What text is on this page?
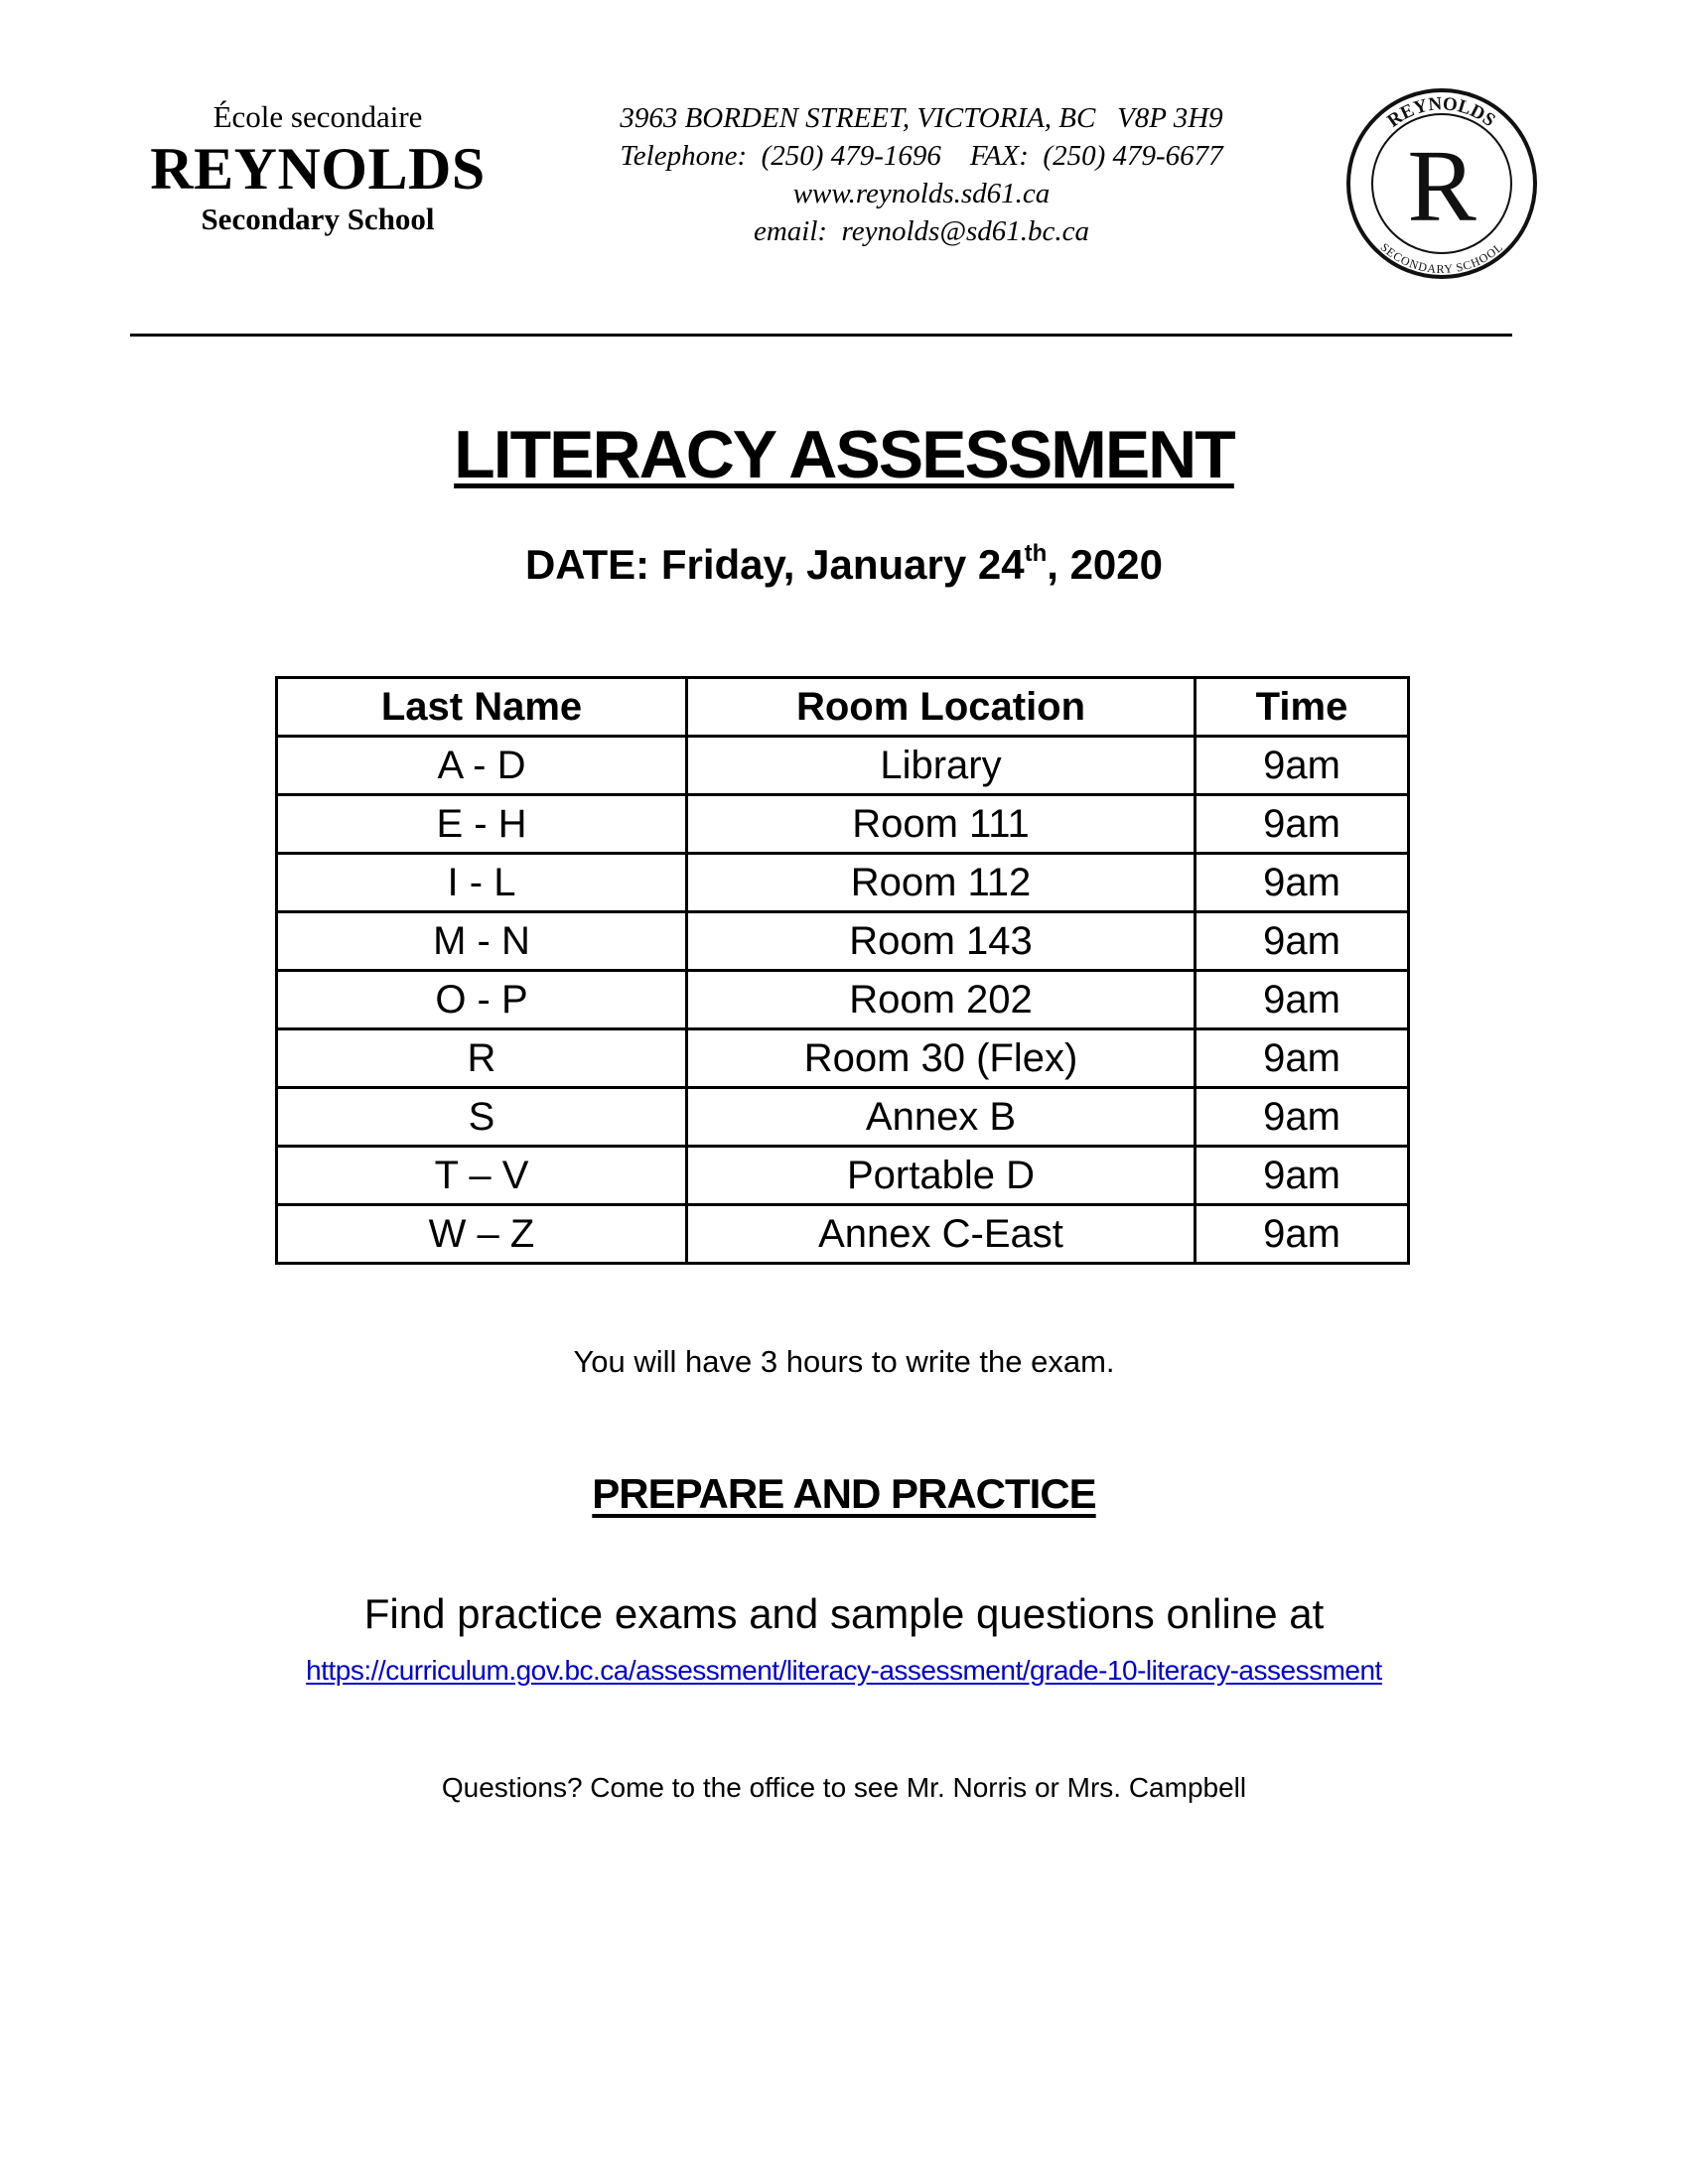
École secondaire
REYNOLDS
Secondary School
3963 BORDEN STREET, VICTORIA, BC   V8P 3H9
Telephone:  (250) 479-1696    FAX:  (250) 479-6677
www.reynolds.sd61.ca
email:  reynolds@sd61.bc.ca
REYNOLDS
SECONDARY SCHOOL
R
LITERACY ASSESSMENT
DATE: Friday, January 24th, 2020
Last Name	Room Location	Time
A - D	Library	9am
E - H	Room 111	9am
I - L	Room 112	9am
M - N	Room 143	9am
O - P	Room 202	9am
R	Room 30 (Flex)	9am
S	Annex B	9am
T – V	Portable D	9am
W – Z	Annex C-East	9am
You will have 3 hours to write the exam.
PREPARE AND PRACTICE
Find practice exams and sample questions online at
https://curriculum.gov.bc.ca/assessment/literacy-assessment/grade-10-literacy-assessment
Questions? Come to the office to see Mr. Norris or Mrs. Campbell
